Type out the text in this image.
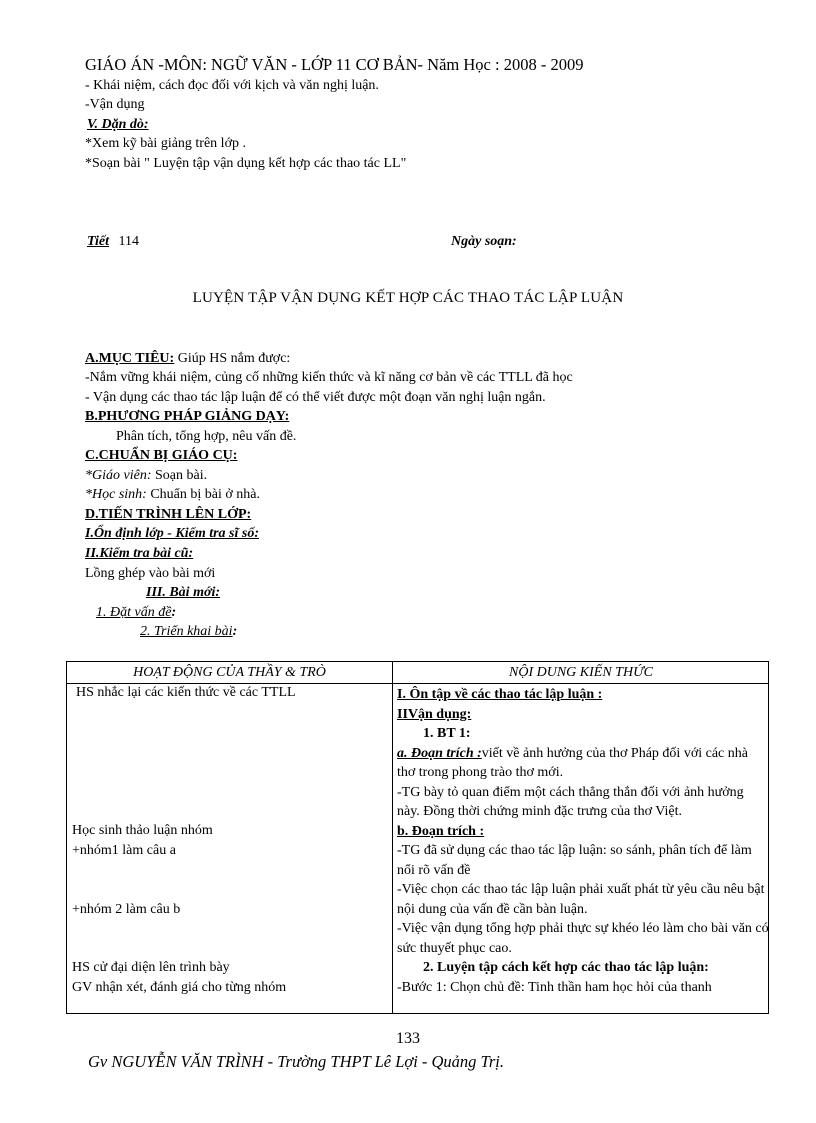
GIÁO ÁN -MÔN: NGỮ VĂN - LỚP 11 CƠ BẢN- Năm Học : 2008 - 2009
- Khái niệm, cách đọc đối với kịch và văn nghị luận.
-Vận dụng
V. Dặn dò:
*Xem kỹ bài giảng trên lớp .
*Soạn bài " Luyện tập vận dụng kết hợp các thao tác LL"
Tiết 114	Ngày soạn:
LUYỆN TẬP VẬN DỤNG KẾT HỢP CÁC THAO TÁC LẬP LUẬN
A.MỤC TIÊU: Giúp HS nắm được:
-Nắm vững khái niệm, củng cố những kiến thức và kĩ năng cơ bản về các TTLL đã học
- Vận dụng các thao tác lập luận để có thể viết được một đoạn văn nghị luận ngắn.
B.PHƯƠNG PHÁP GIẢNG DẠY:
Phân tích, tổng hợp, nêu vấn đề.
C.CHUẨN BỊ GIÁO CỤ:
*Giáo viên: Soạn bài.
*Học sinh: Chuẩn bị bài ở nhà.
D.TIẾN TRÌNH LÊN LỚP:
I.Ổn định lớp - Kiểm tra sĩ số:
II.Kiểm tra bài cũ:
Lồng ghép vào bài mới
III. Bài mới:
1. Đặt vấn đề:
2. Triển khai bài:
HOẠT ĐỘNG CỦA THẦY & TRÒ	NỘI DUNG KIẾN THỨC
HS nhắc lại các kiến thức về các TTLL
Học sinh thảo luận nhóm
+nhóm1 làm câu a
+nhóm 2 làm câu b
HS cử đại diện lên trình bày
GV nhận xét, đánh giá cho từng nhóm

I. Ôn tập về các thao tác lập luận :

IIVận dụng:

1. BT 1:

a. Đoạn trích :viết về ảnh hưởng của thơ Pháp đối với các nhà thơ trong phong trào thơ mới.

-TG bày tỏ quan điểm một cách thẳng thắn đối với ảnh hưởng này. Đồng thời chứng minh đặc trưng của thơ Việt.

b. Đoạn trích :

-TG đã sử dụng các thao tác lập luận: so sánh, phân tích để làm nổi rõ vấn đề

-Việc chọn các thao tác lập luận phải xuất phát từ yêu cầu nêu bật nội dung của vấn đề cần bàn luận.

-Việc vận dụng tổng hợp phải thực sự khéo léo làm cho bài văn có sức thuyết phục cao.

2. Luyện tập cách kết hợp các thao tác lập luận:

-Bước 1: Chọn chủ đề: Tinh thần ham học hỏi của thanh

133
Gv NGUYỄN VĂN TRÌNH - Trường THPT Lê Lợi - Quảng Trị.
